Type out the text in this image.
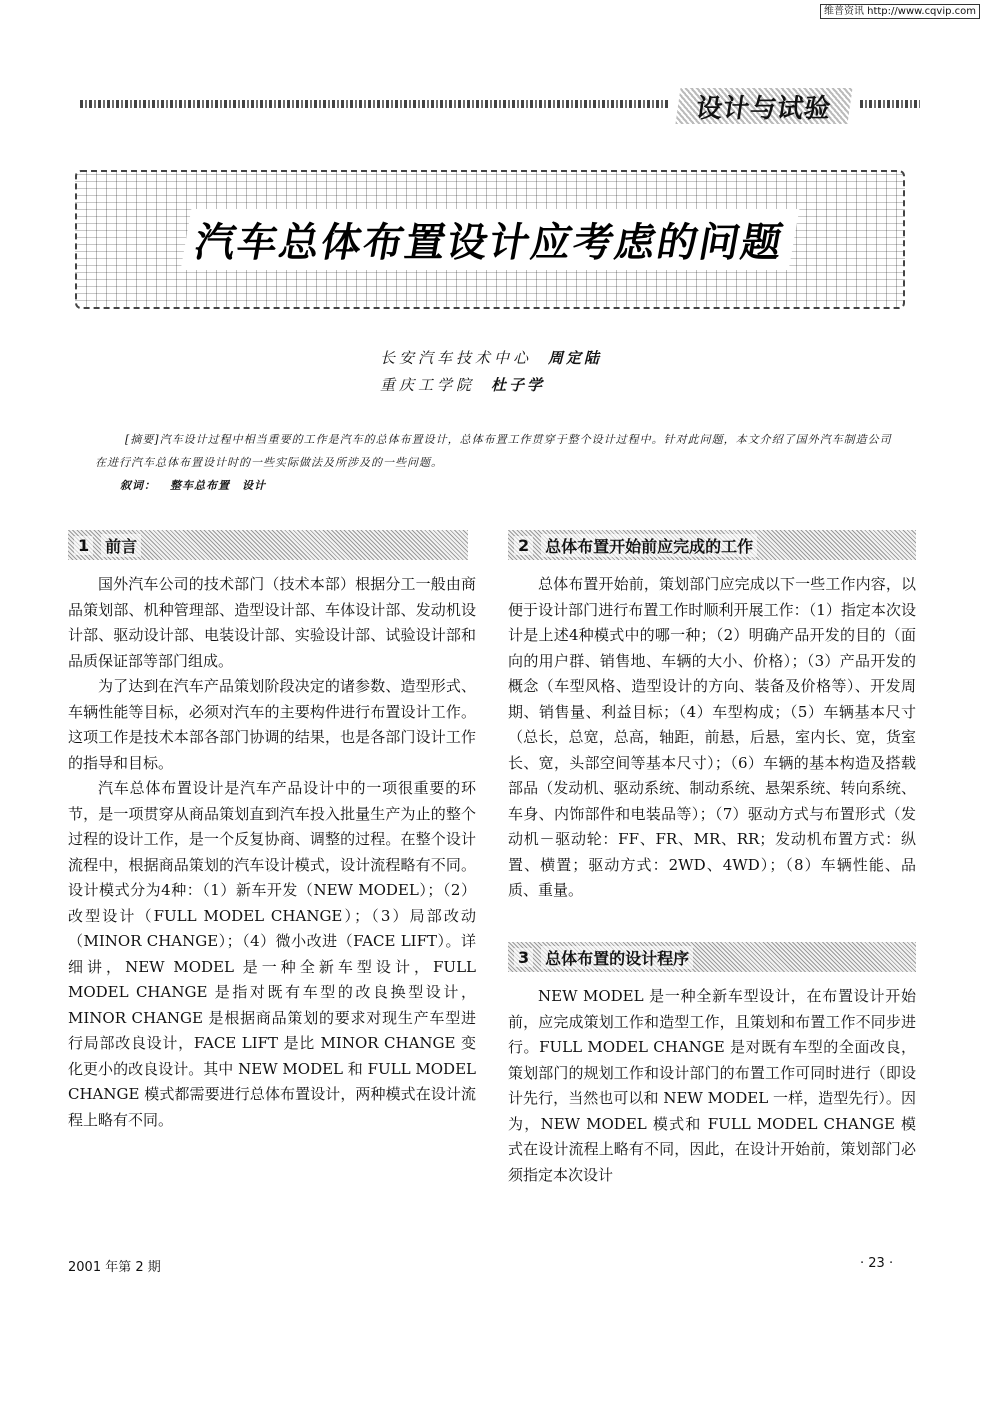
维普资讯 http://www.cqvip.com
设计与试验
汽车总体布置设计应考虑的问题
长安汽车技术中心 周定陆
重庆工学院 杜子学
[摘要]汽车设计过程中相当重要的工作是汽车的总体布置设计，总体布置工作贯穿于整个设计过程中。针对此问题，本文介绍了国外汽车制造公司在进行汽车总体布置设计时的一些实际做法及所涉及的一些问题。
叙词： 整车总布置　设计
1 前言

国外汽车公司的技术部门（技术本部）根据分工一般由商品策划部、机种管理部、造型设计部、车体设计部、发动机设计部、驱动设计部、电装设计部、实验设计部、试验设计部和品质保证部等部门组成。

为了达到在汽车产品策划阶段决定的诸参数、造型形式、车辆性能等目标，必须对汽车的主要构件进行布置设计工作。这项工作是技术本部各部门协调的结果，也是各部门设计工作的指导和目标。

汽车总体布置设计是汽车产品设计中的一项很重要的环节，是一项贯穿从商品策划直到汽车投入批量生产为止的整个过程的设计工作，是一个反复协商、调整的过程。在整个设计流程中，根据商品策划的汽车设计模式，设计流程略有不同。设计模式分为4种：（1）新车开发（NEW MODEL）；（2）改型设计（FULL MODEL CHANGE）；（3）局部改动（MINOR CHANGE）；（4）微小改进（FACE LIFT）。详细讲，NEW MODEL 是一种全新车型设计，FULL MODEL CHANGE 是指对既有车型的改良换型设计，MINOR CHANGE 是根据商品策划的要求对现生产车型进行局部改良设计，FACE LIFT 是比 MINOR CHANGE 变化更小的改良设计。其中 NEW MODEL 和 FULL MODEL CHANGE 模式都需要进行总体布置设计，两种模式在设计流程上略有不同。

2 总体布置开始前应完成的工作

总体布置开始前，策划部门应完成以下一些工作内容，以便于设计部门进行布置工作时顺利开展工作：（1）指定本次设计是上述4种模式中的哪一种；（2）明确产品开发的目的（面向的用户群、销售地、车辆的大小、价格）；（3）产品开发的概念（车型风格、造型设计的方向、装备及价格等）、开发周期、销售量、利益目标；（4）车型构成；（5）车辆基本尺寸（总长，总宽，总高，轴距，前悬，后悬，室内长、宽，货室长、宽，头部空间等基本尺寸）；（6）车辆的基本构造及搭载部品（发动机、驱动系统、制动系统、悬架系统、转向系统、车身、内饰部件和电装品等）；（7）驱动方式与布置形式（发动机－驱动轮：FF、FR、MR、RR；发动机布置方式：纵置、横置；驱动方式：2WD、4WD）；（8）车辆性能、品质、重量。

3 总体布置的设计程序

NEW MODEL 是一种全新车型设计，在布置设计开始前，应完成策划工作和造型工作，且策划和布置工作不同步进行。FULL MODEL CHANGE 是对既有车型的全面改良，策划部门的规划工作和设计部门的布置工作可同时进行（即设计先行，当然也可以和 NEW MODEL 一样，造型先行）。因为，NEW MODEL 模式和 FULL MODEL CHANGE 模式在设计流程上略有不同，因此，在设计开始前，策划部门必须指定本次设计

2001 年第 2 期	· 23 ·
